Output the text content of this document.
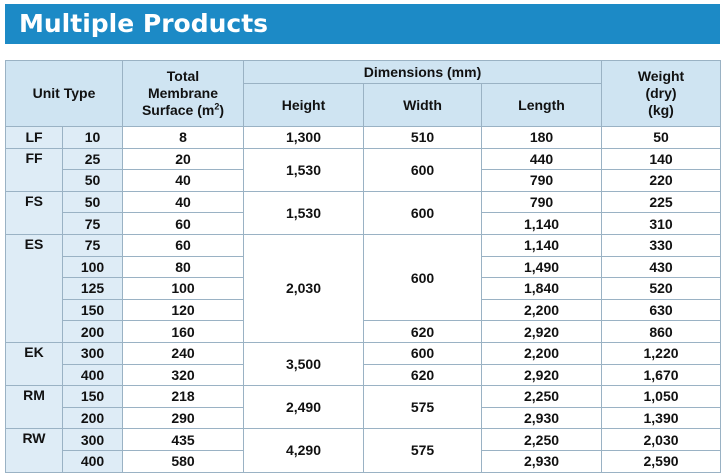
Multiple Products
Unit Type		Total
Membrane
Surface $(m^2)$	Dimensions (mm)			Weight
(dry)
(kg)
			Height	Width	Length	
LF	10	8	1,300	510	180	50
FF	25	20	1,530	600	440	140
	50	40			790	220
FS	50	40	1,530	600	790	225
	75	60			1,140	310
ES	75	60	2,030	600	1,140	330
	100	80			1,490	430
	125	100			1,840	520
	150	120			2,200	630
	200	160		620	2,920	860
EK	300	240	3,500	600	2,200	1,220
	400	320		620	2,920	1,670
RM	150	218	2,490	575	2,250	1,050
	200	290			2,930	1,390
RW	300	435	4,290	575	2,250	2,030
	400	580			2,930	2,590
